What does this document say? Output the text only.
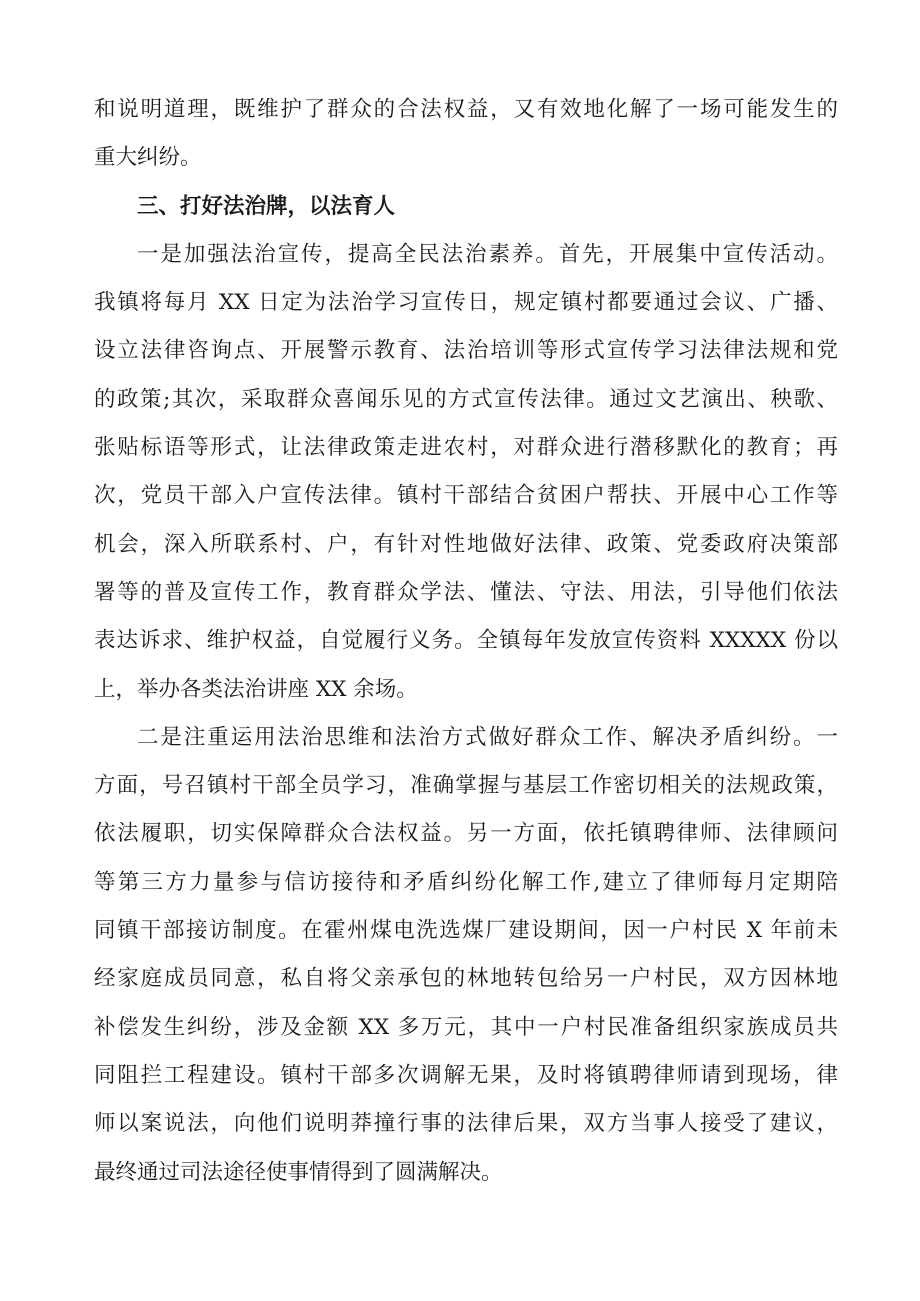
和说明道理，既维护了群众的合法权益，又有效地化解了一场可能发生的
重大纠纷。
三、打好法治牌，以法育人
一是加强法治宣传，提高全民法治素养。首先，开展集中宣传活动。
我镇将每月 XX 日定为法治学习宣传日，规定镇村都要通过会议、广播、
设立法律咨询点、开展警示教育、法治培训等形式宣传学习法律法规和党
的政策;其次，采取群众喜闻乐见的方式宣传法律。通过文艺演出、秧歌、
张贴标语等形式，让法律政策走进农村，对群众进行潜移默化的教育；再
次，党员干部入户宣传法律。镇村干部结合贫困户帮扶、开展中心工作等
机会，深入所联系村、户，有针对性地做好法律、政策、党委政府决策部
署等的普及宣传工作，教育群众学法、懂法、守法、用法，引导他们依法
表达诉求、维护权益，自觉履行义务。全镇每年发放宣传资料 XXXXX 份以
上，举办各类法治讲座 XX 余场。
二是注重运用法治思维和法治方式做好群众工作、解决矛盾纠纷。一
方面，号召镇村干部全员学习，准确掌握与基层工作密切相关的法规政策，
依法履职，切实保障群众合法权益。另一方面，依托镇聘律师、法律顾问
等第三方力量参与信访接待和矛盾纠纷化解工作,建立了律师每月定期陪
同镇干部接访制度。在霍州煤电洗选煤厂建设期间，因一户村民 X 年前未
经家庭成员同意，私自将父亲承包的林地转包给另一户村民，双方因林地
补偿发生纠纷，涉及金额 XX 多万元，其中一户村民准备组织家族成员共
同阻拦工程建设。镇村干部多次调解无果，及时将镇聘律师请到现场，律
师以案说法，向他们说明莽撞行事的法律后果，双方当事人接受了建议，
最终通过司法途径使事情得到了圆满解决。
